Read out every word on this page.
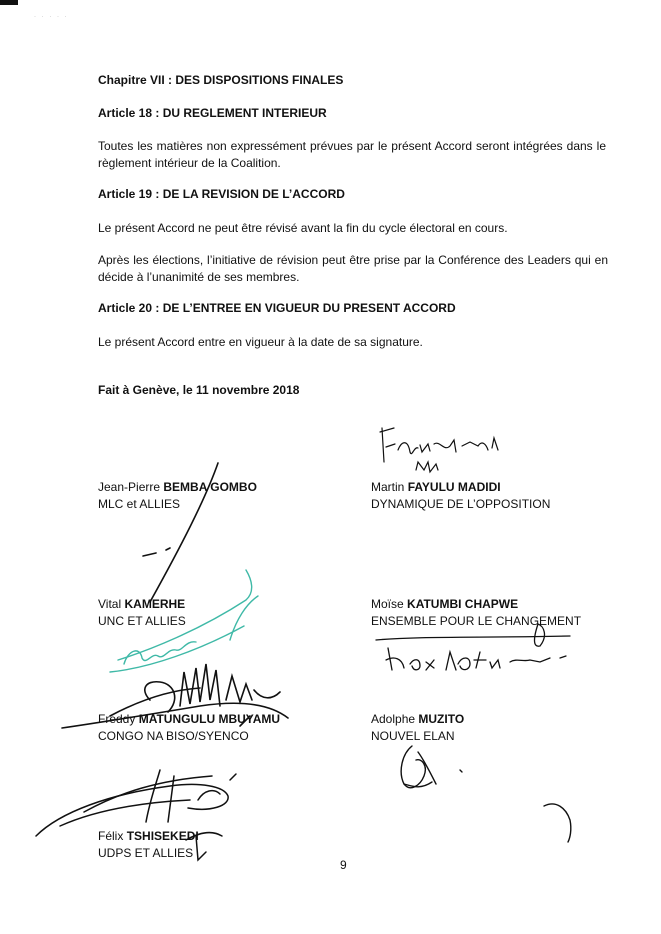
· · · · ·
Chapitre VII : DES DISPOSITIONS FINALES
Article 18 : DU REGLEMENT INTERIEUR
Toutes les matières non expressément prévues par le présent Accord seront intégrées dans le règlement intérieur de la Coalition.
Article 19 : DE LA REVISION DE L’ACCORD
Le présent Accord ne peut être révisé avant la fin du cycle électoral en cours.
Après les élections, l’initiative de révision peut être prise par la Conférence des Leaders qui en décide à l’unanimité de ses membres.
Article 20 : DE L’ENTREE EN VIGUEUR DU PRESENT ACCORD
Le présent Accord entre en vigueur à la date de sa signature.
Fait à Genève, le 11 novembre 2018
Jean-Pierre BEMBA GOMBO
MLC et ALLIES
Martin FAYULU MADIDI
DYNAMIQUE DE L’OPPOSITION
Vital KAMERHE
UNC ET ALLIES
Moïse KATUMBI CHAPWE
ENSEMBLE POUR LE CHANGEMENT
Freddy MATUNGULU MBUYAMU
CONGO NA BISO/SYENCO
Adolphe MUZITO
NOUVEL ELAN
Félix TSHISEKEDI
UDPS ET ALLIES
9
